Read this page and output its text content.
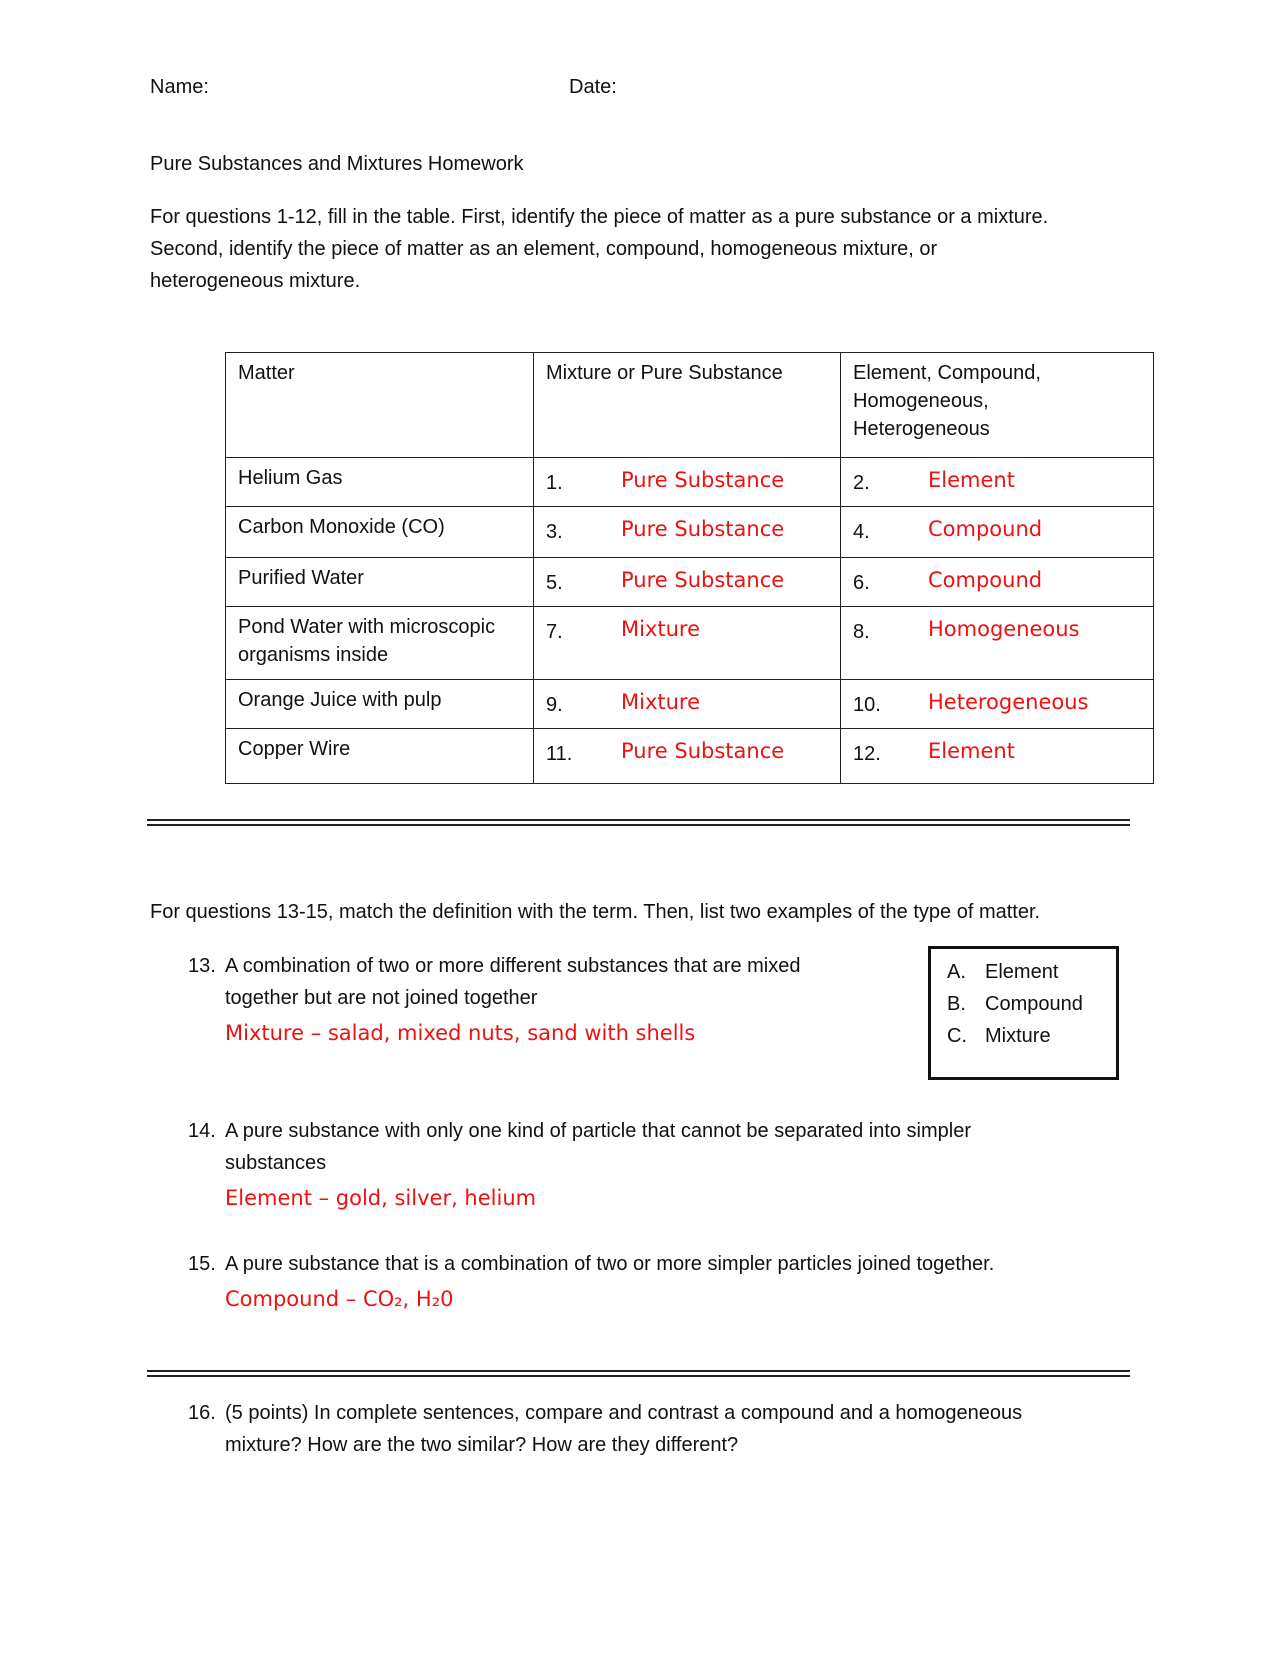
Name:	Date:
Pure Substances and Mixtures Homework
For questions 1-12, fill in the table. First, identify the piece of matter as a pure substance or a mixture.
Second, identify the piece of matter as an element, compound, homogeneous mixture, or
heterogeneous mixture.
Matter	Mixture or Pure Substance	Element, Compound,
Homogeneous,
Heterogeneous

Helium Gas	1. Pure Substance	2. Element

Carbon Monoxide (CO)	3. Pure Substance	4. Compound

Purified Water	5. Pure Substance	6. Compound

Pond Water with microscopic
organisms inside	7. Mixture	8. Homogeneous

Orange Juice with pulp	9. Mixture	10. Heterogeneous

Copper Wire	11. Pure Substance	12. Element
For questions 13-15, match the definition with the term. Then, list two examples of the type of matter.
13. A combination of two or more different substances that are mixed
together but are not joined together
Mixture – salad, mixed nuts, sand with shells
A. Element
B. Compound
C. Mixture
14. A pure substance with only one kind of particle that cannot be separated into simpler
substances
Element – gold, silver, helium
15. A pure substance that is a combination of two or more simpler particles joined together.
Compound – CO₂, H₂0
16. (5 points) In complete sentences, compare and contrast a compound and a homogeneous
mixture? How are the two similar? How are they different?
